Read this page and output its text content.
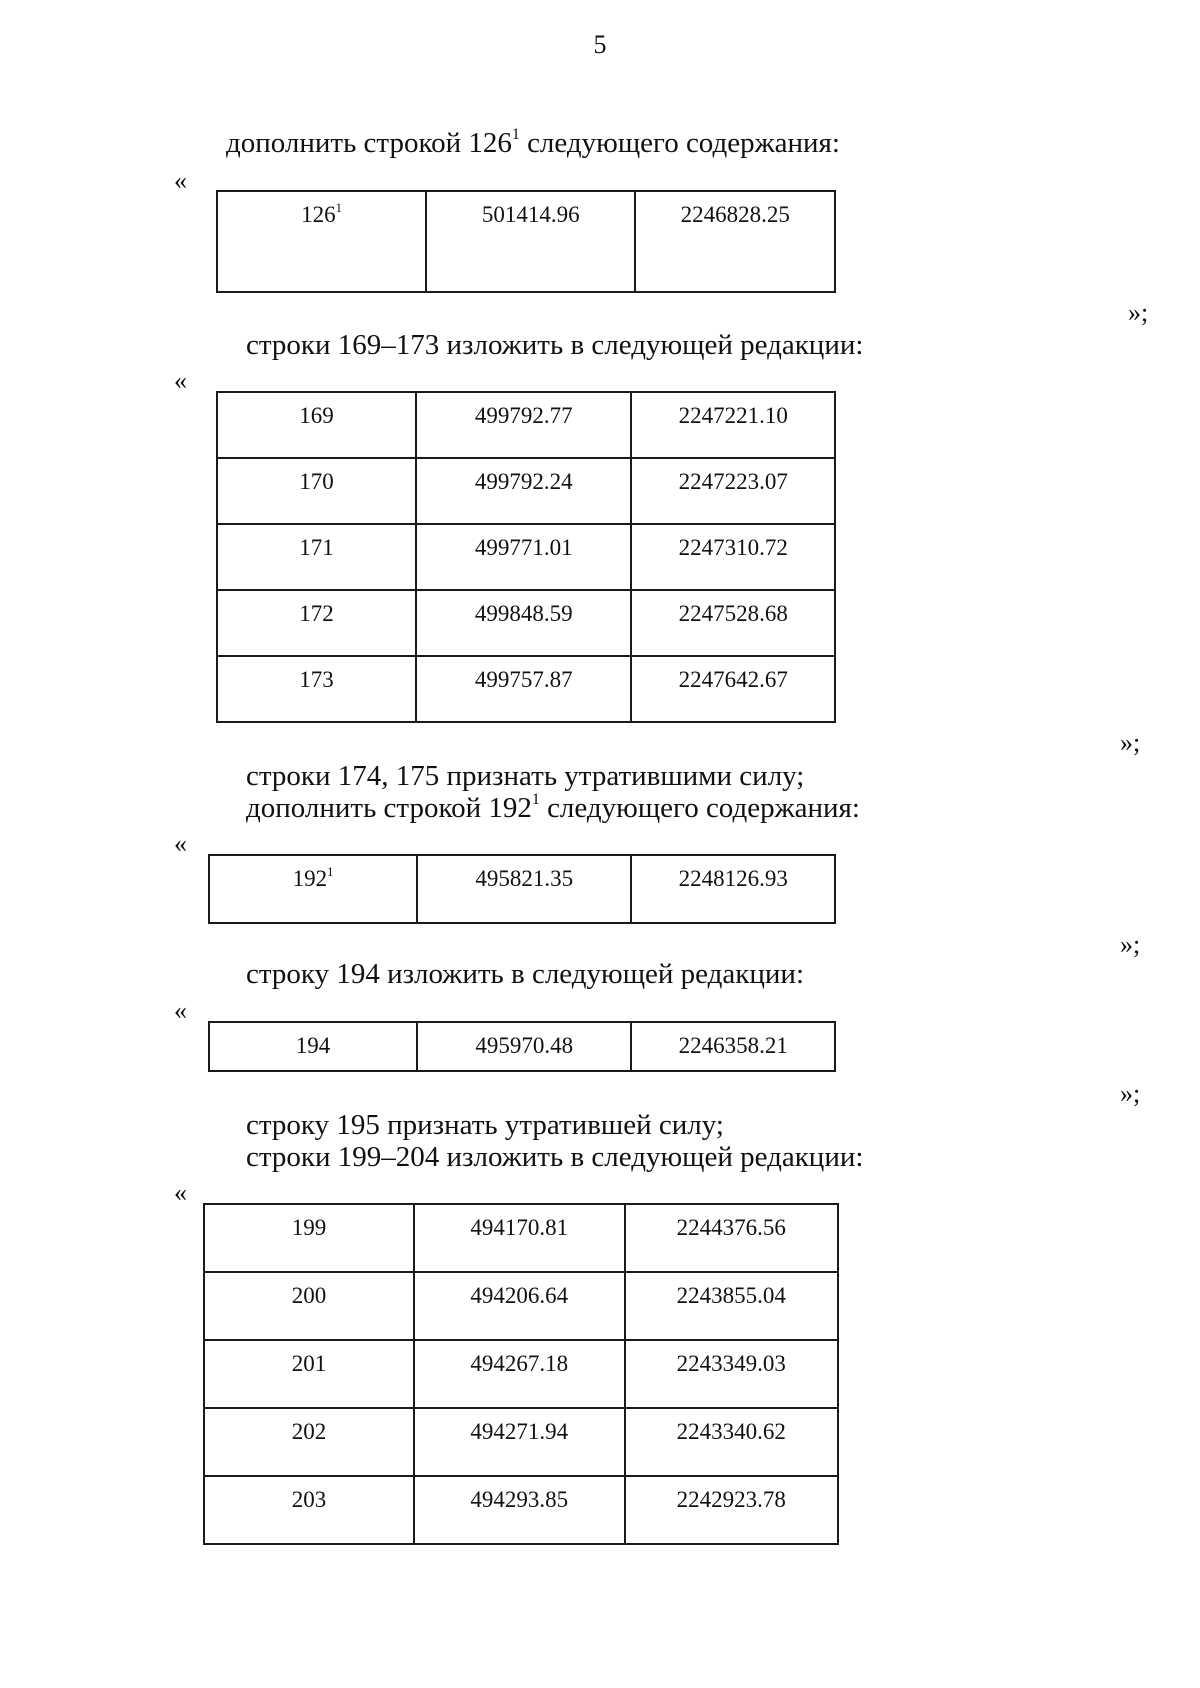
5
дополнить строкой $126^1$ следующего содержания:
«
$126^1$	501414.96	2246828.25
»;
строки 169–173 изложить в следующей редакции:
«
169	499792.77	2247221.10

170	499792.24	2247223.07

171	499771.01	2247310.72

172	499848.59	2247528.68

173	499757.87	2247642.67
»;
строки 174, 175 признать утратившими силу;
дополнить строкой $192^1$ следующего содержания:
«
$192^1$	495821.35	2248126.93
»;
строку 194 изложить в следующей редакции:
«
194	495970.48	2246358.21
»;
строку 195 признать утратившей силу;
строки 199–204 изложить в следующей редакции:
«
199	494170.81	2244376.56

200	494206.64	2243855.04

201	494267.18	2243349.03

202	494271.94	2243340.62

203	494293.85	2242923.78
